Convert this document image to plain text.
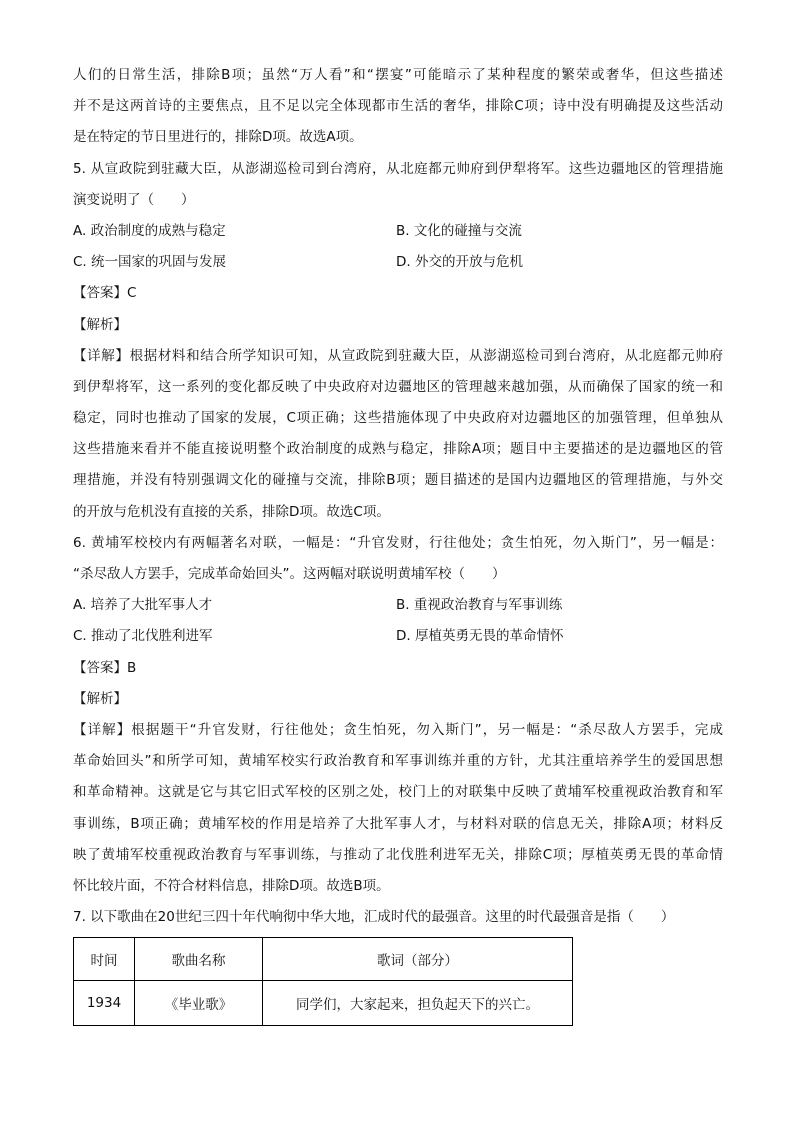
人们的日常生活，排除B项；虽然“万人看”和“摆宴”可能暗示了某种程度的繁荣或奢华，但这些描述
并不是这两首诗的主要焦点，且不足以完全体现都市生活的奢华，排除C项；诗中没有明确提及这些活动
是在特定的节日里进行的，排除D项。故选A项。
5. 从宣政院到驻藏大臣，从澎湖巡检司到台湾府，从北庭都元帅府到伊犁将军。这些边疆地区的管理措施
演变说明了（　　）
A. 政治制度的成熟与稳定	B. 文化的碰撞与交流
C. 统一国家的巩固与发展	D. 外交的开放与危机
【答案】C
【解析】
【详解】根据材料和结合所学知识可知，从宣政院到驻藏大臣，从澎湖巡检司到台湾府，从北庭都元帅府
到伊犁将军，这一系列的变化都反映了中央政府对边疆地区的管理越来越加强，从而确保了国家的统一和
稳定，同时也推动了国家的发展，C项正确；这些措施体现了中央政府对边疆地区的加强管理，但单独从
这些措施来看并不能直接说明整个政治制度的成熟与稳定，排除A项；题目中主要描述的是边疆地区的管
理措施，并没有特别强调文化的碰撞与交流，排除B项；题目描述的是国内边疆地区的管理措施，与外交
的开放与危机没有直接的关系，排除D项。故选C项。
6. 黄埔军校校内有两幅著名对联，一幅是：“升官发财，行往他处；贪生怕死，勿入斯门”，另一幅是：
“杀尽敌人方罢手，完成革命始回头”。这两幅对联说明黄埔军校（　　）
A. 培养了大批军事人才	B. 重视政治教育与军事训练
C. 推动了北伐胜利进军	D. 厚植英勇无畏的革命情怀
【答案】B
【解析】
【详解】根据题干“升官发财，行往他处；贪生怕死，勿入斯门”，另一幅是：“杀尽敌人方罢手，完成
革命始回头”和所学可知，黄埔军校实行政治教育和军事训练并重的方针，尤其注重培养学生的爱国思想
和革命精神。这就是它与其它旧式军校的区别之处，校门上的对联集中反映了黄埔军校重视政治教育和军
事训练，B项正确；黄埔军校的作用是培养了大批军事人才，与材料对联的信息无关，排除A项；材料反
映了黄埔军校重视政治教育与军事训练，与推动了北伐胜利进军无关，排除C项；厚植英勇无畏的革命情
怀比较片面，不符合材料信息，排除D项。故选B项。
7. 以下歌曲在20世纪三四十年代响彻中华大地，汇成时代的最强音。这里的时代最强音是指（　　）
时间	歌曲名称	歌词（部分）
1934	《毕业歌》	同学们，大家起来，担负起天下的兴亡。
